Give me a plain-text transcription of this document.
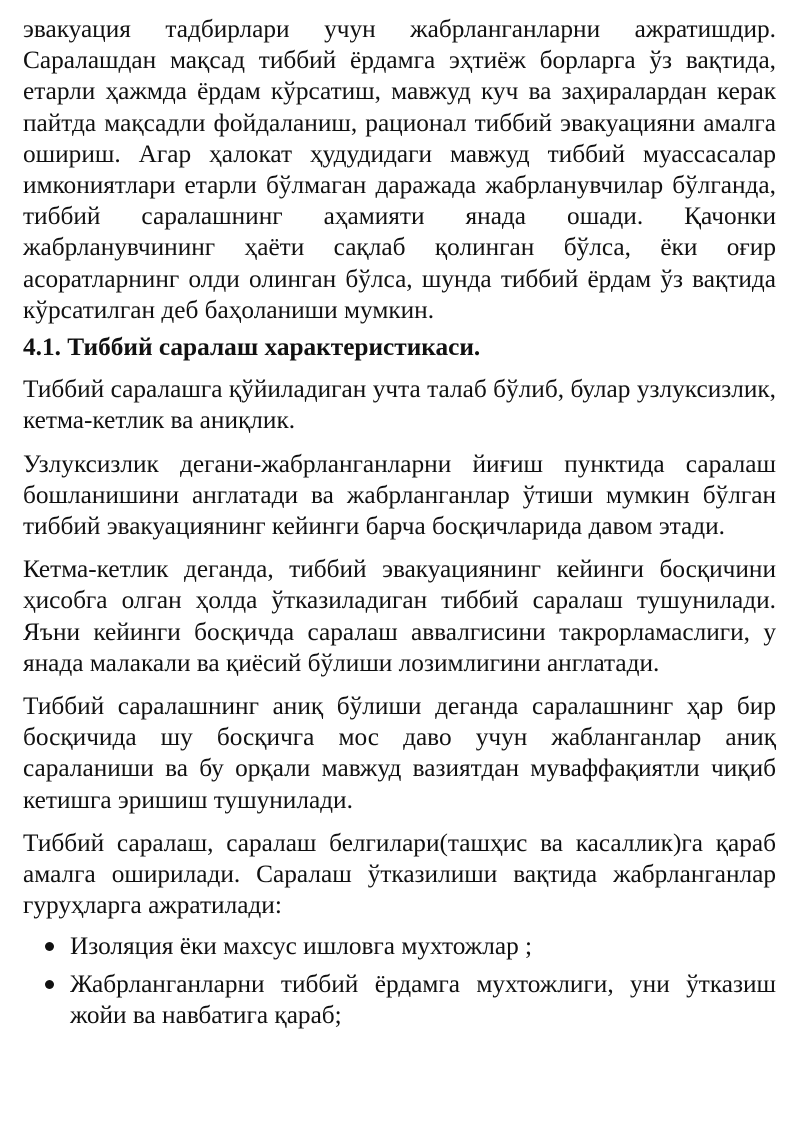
эвакуация тадбирлари учун жабрланганларни ажратишдир. Саралашдан мақсад тиббий ёрдамга эҳтиёж борларга ўз вақтида, етарли ҳажмда ёрдам кўрсатиш, мавжуд куч ва заҳиралардан керак пайтда мақсадли фойдаланиш, рационал тиббий эвакуацияни амалга ошириш. Агар ҳалокат ҳудудидаги мавжуд тиббий муассасалар имкониятлари етарли бўлмаган даражада жабрланувчилар бўлганда, тиббий саралашнинг аҳамияти янада ошади. Қачонки жабрланувчининг ҳаёти сақлаб қолинган бўлса, ёки оғир асоратларнинг олди олинган бўлса, шунда тиббий ёрдам ўз вақтида кўрсатилган деб баҳоланиши мумкин.

4.1. Тиббий саралаш характеристикаси.

Тиббий саралашга қўйиладиган учта талаб бўлиб, булар узлуксизлик, кетма-кетлик ва аниқлик.

Узлуксизлик дегани-жабрланганларни йиғиш пунктида саралаш бошланишини англатади ва жабрланганлар ўтиши мумкин бўлган тиббий эвакуациянинг кейинги барча босқичларида давом этади.

Кетма-кетлик деганда, тиббий эвакуациянинг кейинги босқичини ҳисобга олган ҳолда ўтказиладиган тиббий саралаш тушунилади. Яъни кейинги босқичда саралаш аввалгисини такрорламаслиги, у янада малакали ва қиёсий бўлиши лозимлигини англатади.

Тиббий саралашнинг аниқ бўлиши деганда саралашнинг ҳар бир босқичида шу босқичга мос даво учун жабланганлар аниқ сараланиши ва бу орқали мавжуд вазиятдан муваффақиятли чиқиб кетишга эришиш тушунилади.

Тиббий саралаш, саралаш белгилари(ташҳис ва касаллик)га қараб амалга оширилади. Саралаш ўтказилиши вақтида жабрланганлар гуруҳларга ажратилади:

Изоляция ёки махсус ишловга мухтожлар ;
Жабрланганларни тиббий ёрдамга мухтожлиги, уни ўтказиш жойи ва навбатига қараб;
